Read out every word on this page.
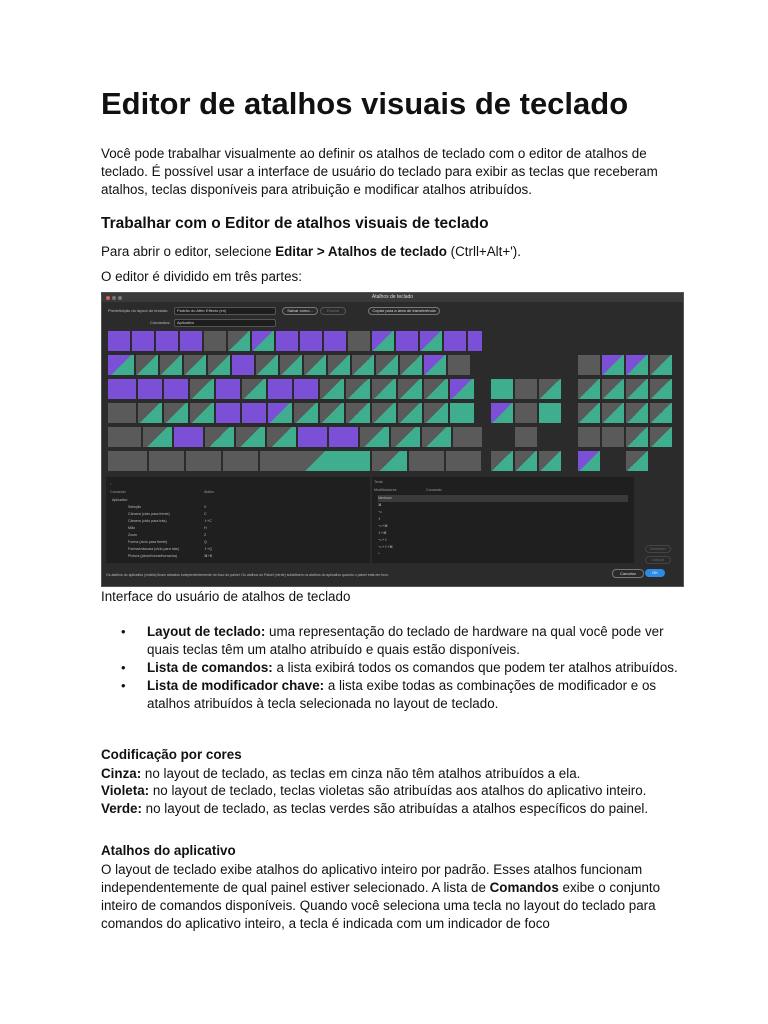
Editor de atalhos visuais de teclado

Você pode trabalhar visualmente ao definir os atalhos de teclado com o editor de atalhos de teclado. É possível usar a interface de usuário do teclado para exibir as teclas que receberam atalhos, teclas disponíveis para atribuição e modificar atalhos atribuídos.

Trabalhar com o Editor de atalhos visuais de teclado

Para abrir o editor, selecione Editar > Atalhos de teclado (Ctrll+Alt+').

O editor é dividido em três partes:

Interface do usuário de atalhos de teclado

• Layout de teclado: uma representação do teclado de hardware na qual você pode ver quais teclas têm um atalho atribuído e quais estão disponíveis.
• Lista de comandos: a lista exibirá todos os comandos que podem ter atalhos atribuídos.
• Lista de modificador chave: a lista exibe todas as combinações de modificador e os atalhos atribuídos à tecla selecionada no layout de teclado.

Codificação por cores

Cinza: no layout de teclado, as teclas em cinza não têm atalhos atribuídos a ela.

Violeta: no layout de teclado, teclas violetas são atribuídas aos atalhos do aplicativo inteiro.

Verde: no layout de teclado, as teclas verdes são atribuídas a atalhos específicos do painel.

Atalhos do aplicativo

O layout de teclado exibe atalhos do aplicativo inteiro por padrão. Esses atalhos funcionam independentemente de qual painel estiver selecionado. A lista de Comandos exibe o conjunto inteiro de comandos disponíveis. Quando você seleciona uma tecla no layout do teclado para comandos do aplicativo inteiro, a tecla é indicada com um indicador de foco

Atalhos de teclado
Predefinição do layout do teclado:	Padrão do After Effects (en)	Salvar como...	Excluir	Copiar para a área de transferência
Comandos:	Aplicativo
⌕
Comando	Atalho
Aplicativo
Seleção	V
Câmera (ciclo para frente)	C
Câmera (ciclo para trás)	⇧+C
Mão	H
Zoom	Z
Forma (ciclo para frente)	Q
Forma/máscara (ciclo para trás)	⇧+Q
Pintura (pincel/clone/borracha)	⌘+B
Tecla:
Modificadores	Comando
Nenhum
⌘
⌥
⇧
⌥+⌘
⇧+⌘
⌥+⇧
⌥+⇧+⌘
^
Desfazer
Limpar
Os atalhos do aplicativo (violeta) ficam ativados independentemente do foco do painel. Os atalhos do Painel (verde) substituem os atalhos do aplicativo quando o painel está em foco.	Cancelar	OK
